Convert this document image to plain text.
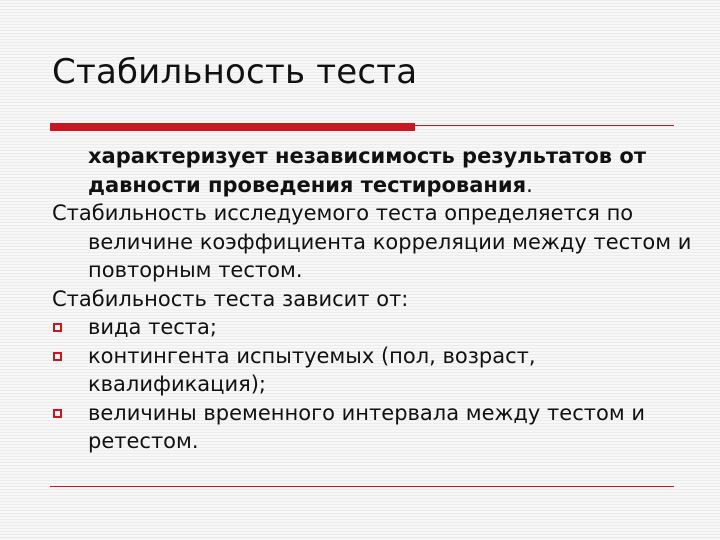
Стабильность теста

характеризует независимость результатов от давности проведения тестирования.

Стабильность исследуемого теста определяется по величине коэффициента корреляции между тестом и повторным тестом.

Стабильность теста зависит от:

вида теста;

контингента испытуемых (пол, возраст, квалификация);

величины временного интервала между тестом и ретестом.
